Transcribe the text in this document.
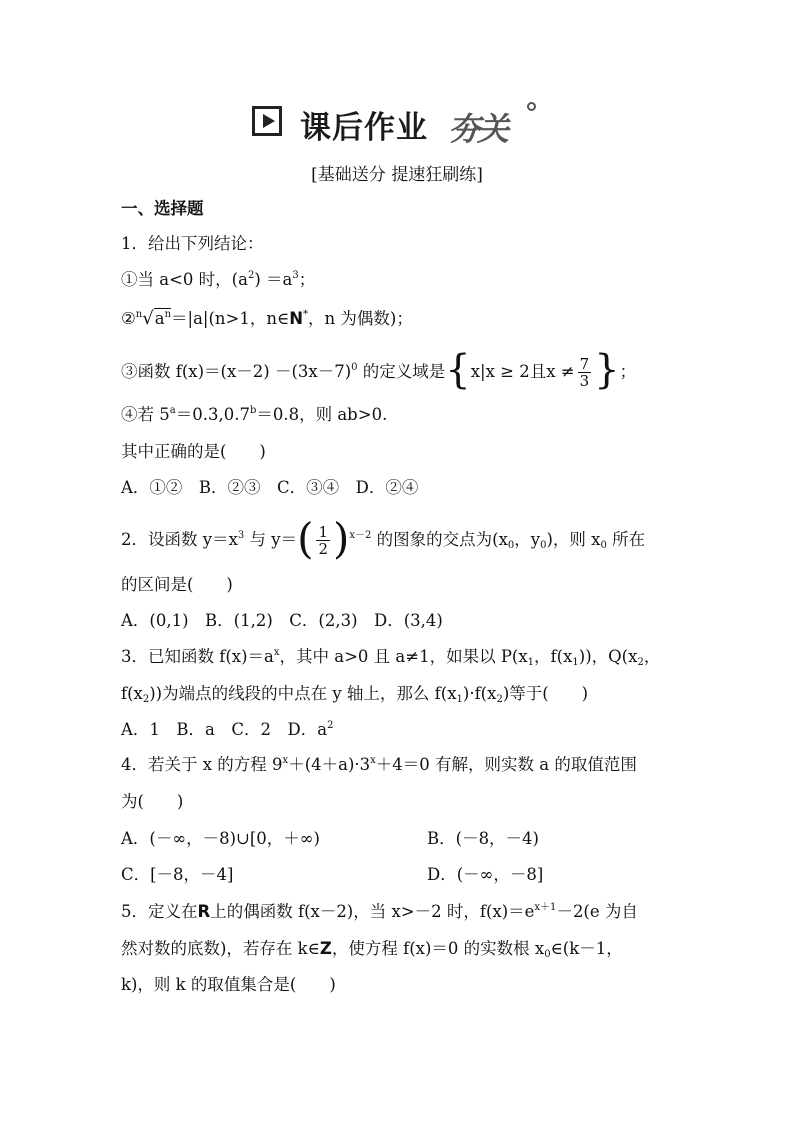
课后作业 夯关
[基础送分 提速狂刷练]
一、选择题
1．给出下列结论：
①当 a<0 时，$(a^2) =a^3$；
$②^n√a^n=|a|(n>1$，n∈N*，n 为偶数)；
③函数 $f(x)=(x-2) -(3x-7)^0$ 的定义域是{x|x ≥ 2且$x \ne \frac{7}{3}$ }；
④若 $5^a=0.3,0.7^b=0.8$，则 ab>0.
其中正确的是(　　)
A．①②　B．②③　C．③④　D．②④
2．设函数 $y=x^3$ 与 $y=( \frac{1}{2} )^{x-2}$ 的图象的交点为($x_0$，$y_0$)，则 $x_0$ 所在
的区间是(　　)
A．(0,1)　B．(1,2)　C．(2,3)　D．(3,4)
3．已知函数 $f(x)=a^x$，其中 a>0 且 a≠1，如果以 $P(x_1$，$f(x_1)$)，$Q(x_2$，
$f(x_2)$)为端点的线段的中点在 y 轴上，那么 $f(x_1)\cdot f(x_2)$等于(　　)
A．1　B．a　C．2　D．$a^2$
4．若关于 x 的方程 $9^x+(4+a)\cdot 3^x+4=0$ 有解，则实数 a 的取值范围
为(　　)
A．(－∞，－8)∪[0，＋∞)	B．(－8，－4)
C．[－8，－4]	D．(－∞，－8]
5．定义在R上的偶函数 f(x－2)，当 x>－2 时，$f(x)=e^{x+1}-2(e$ 为自
然对数的底数)，若存在 k∈Z，使方程 f(x)＝0 的实数根 $x_0\in(k-1$，
k)，则 k 的取值集合是(　　)
